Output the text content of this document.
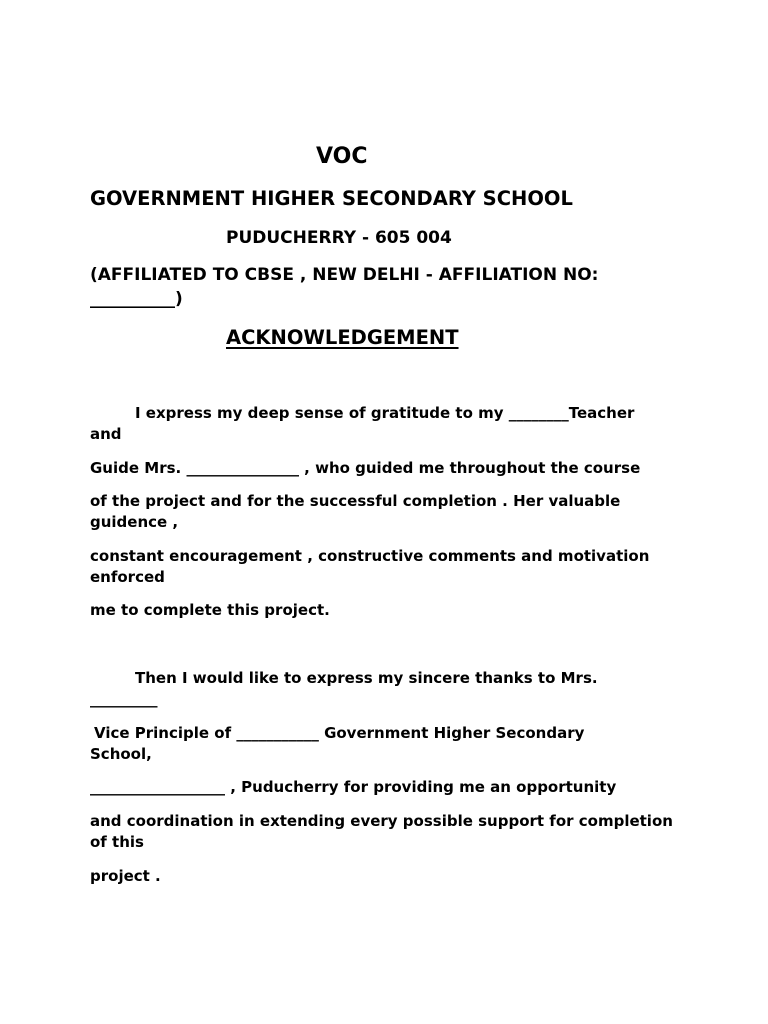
VOC
GOVERNMENT HIGHER SECONDARY SCHOOL
PUDUCHERRY - 605 004
(AFFILIATED TO CBSE , NEW DELHI - AFFILIATION NO:
__________)
ACKNOWLEDGEMENT
I express my deep sense of gratitude to my ________Teacher
and
Guide Mrs. _______________ , who guided me throughout the course
of the project and for the successful completion . Her valuable
guidence ,
constant encouragement , constructive comments and motivation
enforced
me to complete this project.
Then I would like to express my sincere thanks to Mrs.
_________
Vice Principle of ___________ Government Higher Secondary
School,
__________________ , Puducherry for providing me an opportunity
and coordination in extending every possible support for completion
of this
project .
